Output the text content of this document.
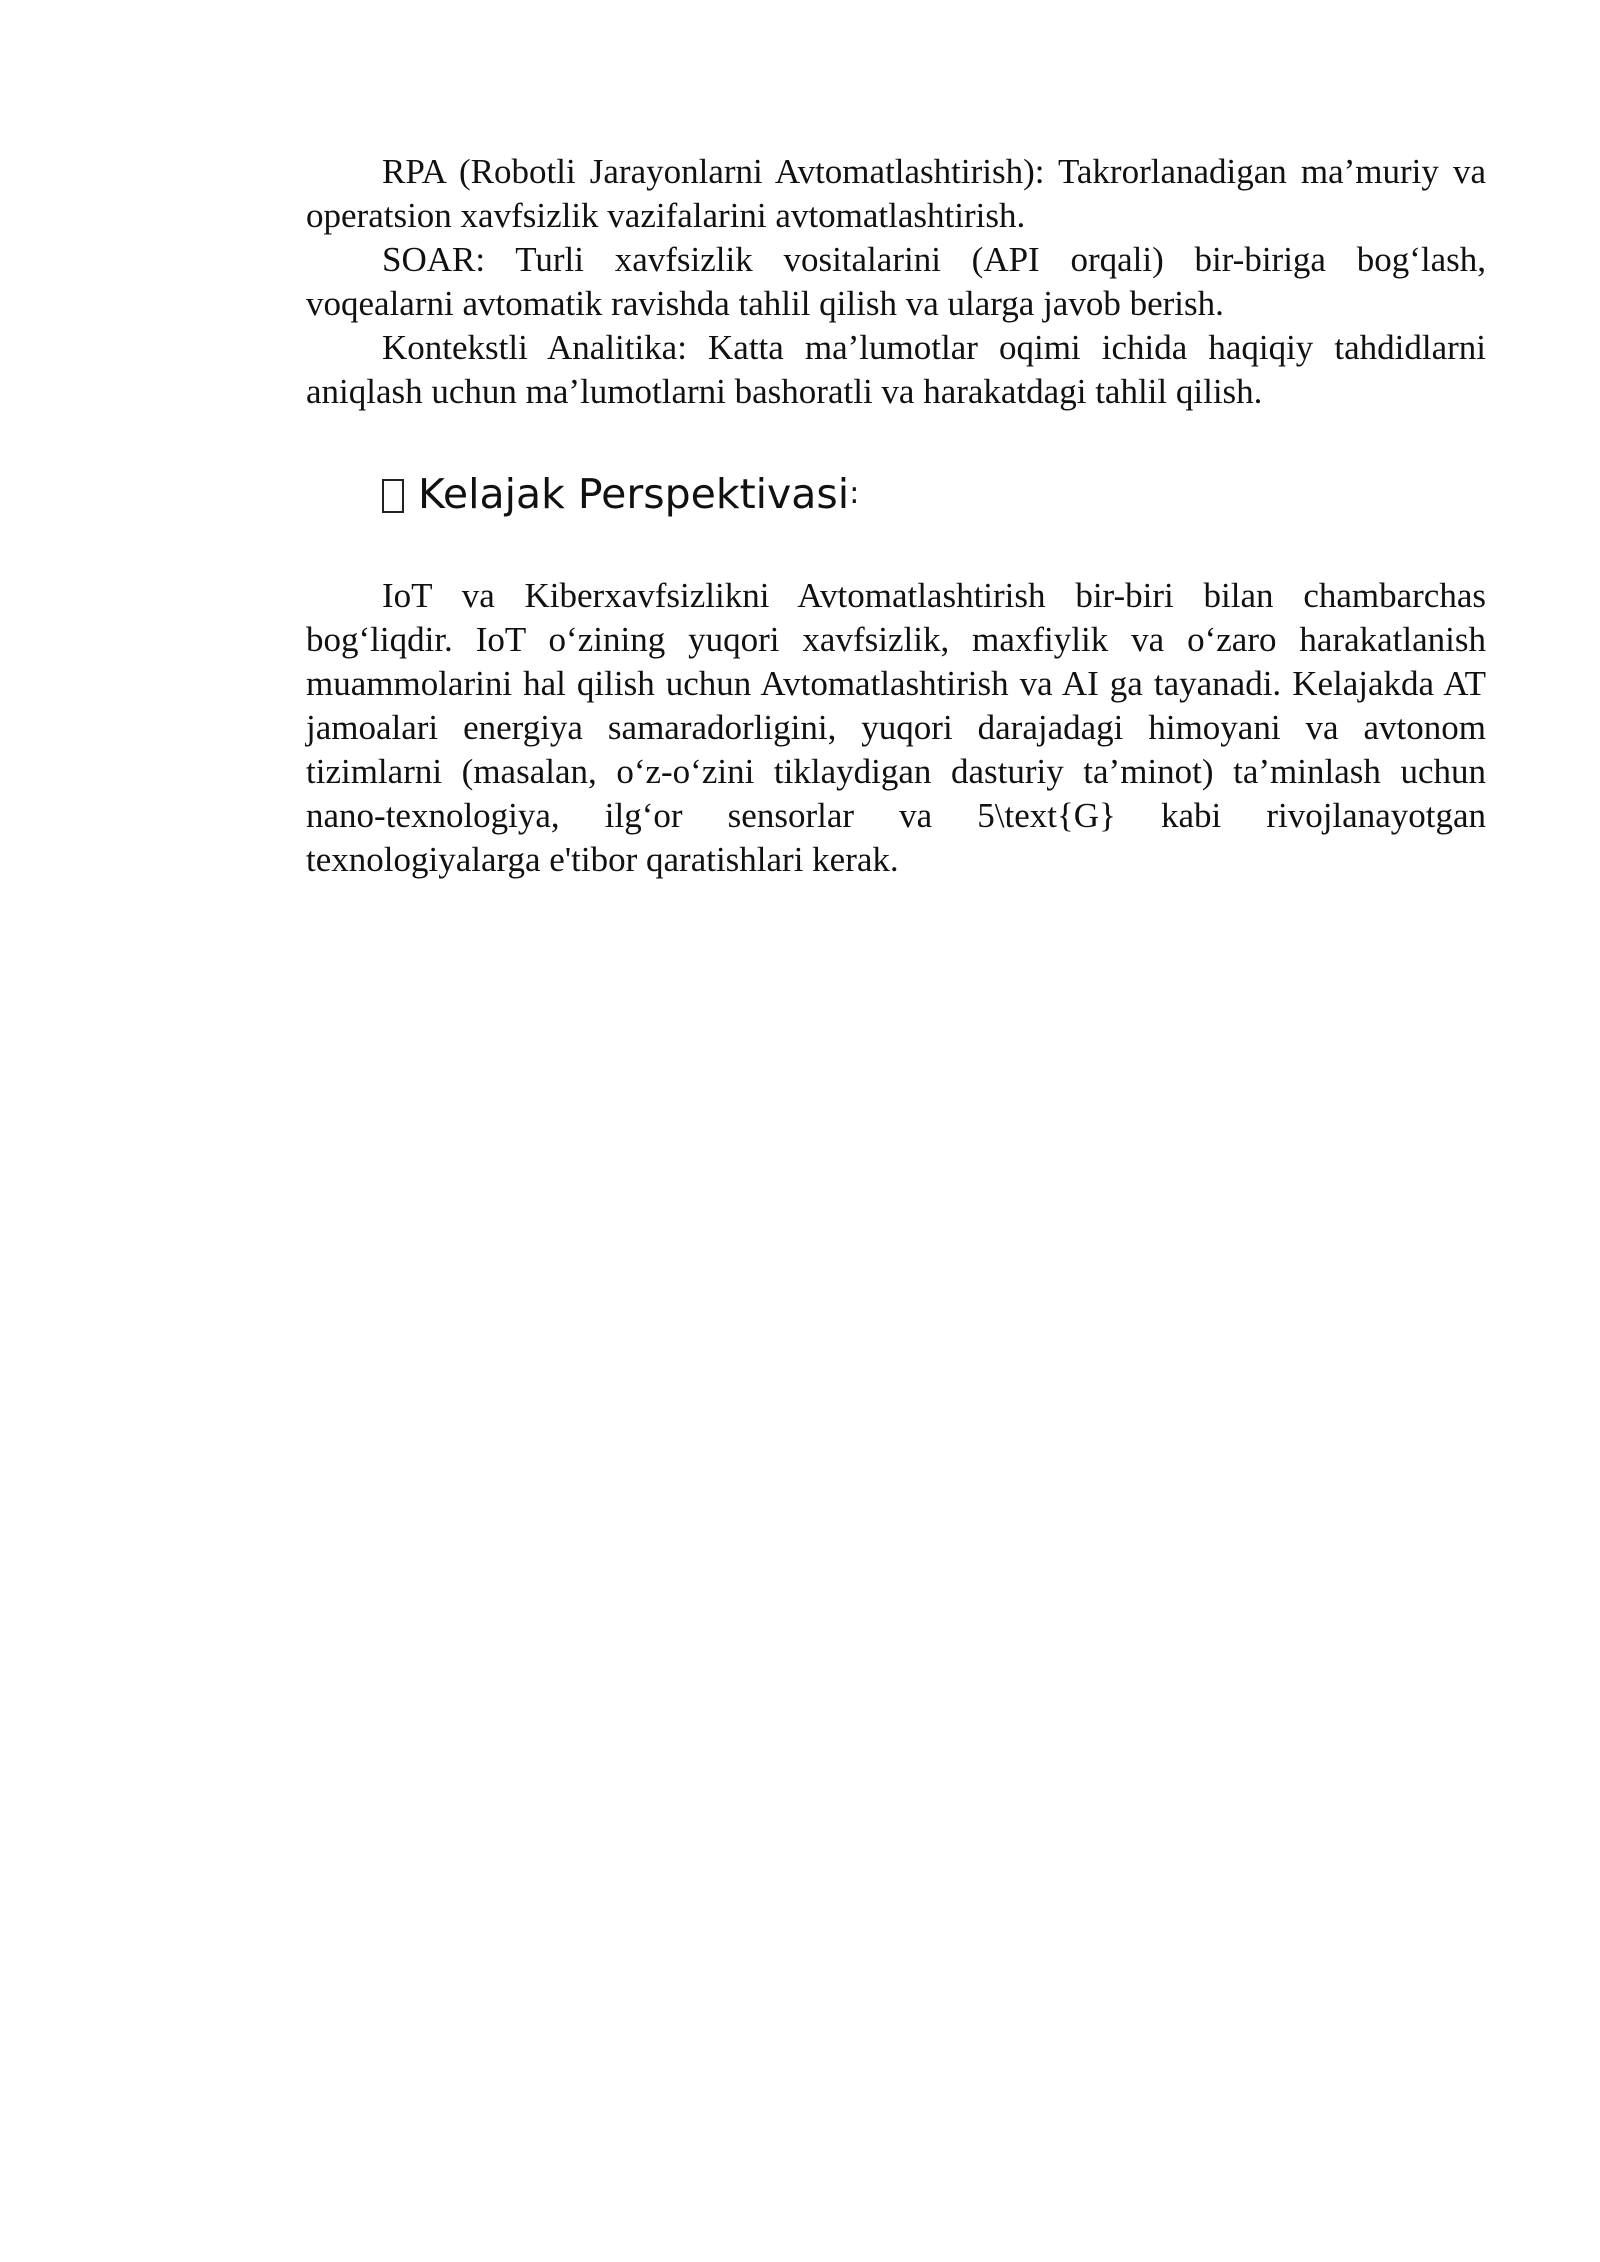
RPA (Robotli Jarayonlarni Avtomatlashtirish): Takrorlanadigan ma’muriy va operatsion xavfsizlik vazifalarini avtomatlashtirish.

SOAR: Turli xavfsizlik vositalarini (API orqali) bir-biriga bog‘lash, voqealarni avtomatik ravishda tahlil qilish va ularga javob berish.

Kontekstli Analitika: Katta ma’lumotlar oqimi ichida haqiqiy tahdidlarni aniqlash uchun ma’lumotlarni bashoratli va harakatdagi tahlil qilish.

Kelajak Perspektivasi :

IoT va Kiberxavfsizlikni Avtomatlashtirish bir-biri bilan chambarchas bog‘liqdir. IoT o‘zining yuqori xavfsizlik, maxfiylik va o‘zaro harakatlanish muammolarini hal qilish uchun Avtomatlashtirish va AI ga tayanadi. Kelajakda AT jamoalari energiya samaradorligini, yuqori darajadagi himoyani va avtonom tizimlarni (masalan, o‘z-o‘zini tiklaydigan dasturiy ta’minot) ta’minlash uchun nano-texnologiya, ilg‘or sensorlar va 5\text{G} kabi rivojlanayotgan texnologiyalarga e'tibor qaratishlari kerak.
